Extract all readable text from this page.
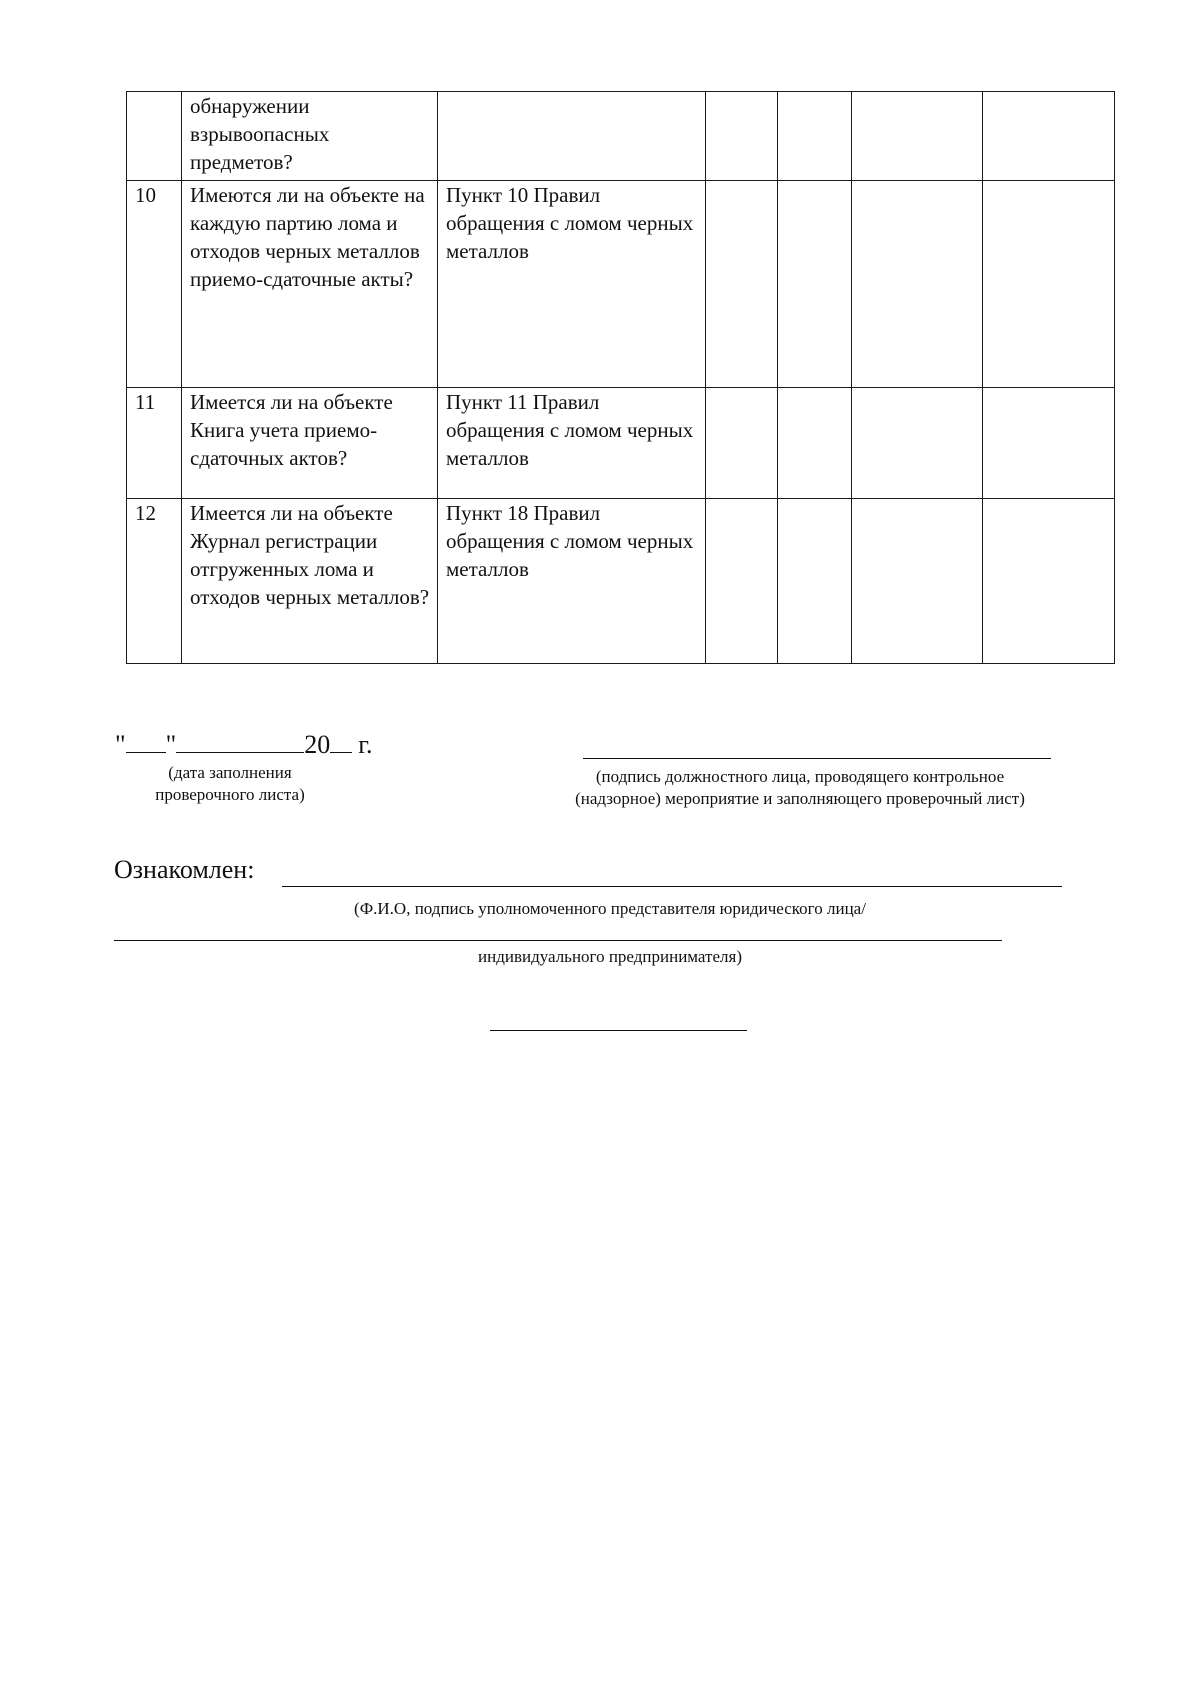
	обнаружении взрывоопасных предметов?					
10	Имеются ли на объекте на каждую партию лома и отходов черных металлов приемо-сдаточные акты?	Пункт 10 Правил обращения с ломом черных металлов				
11	Имеется ли на объекте Книга учета приемо-сдаточных актов?	Пункт 11 Правил обращения с ломом черных металлов				
12	Имеется ли на объекте Журнал регистрации отгруженных лома и отходов черных металлов?	Пункт 18 Правил обращения с ломом черных металлов				
" "	20 г.
(дата заполнения проверочного листа)
(подпись должностного лица, проводящего контрольное (надзорное) мероприятие и заполняющего проверочный лист)
Ознакомлен:
(Ф.И.О, подпись уполномоченного представителя юридического лица/
индивидуального предпринимателя)
